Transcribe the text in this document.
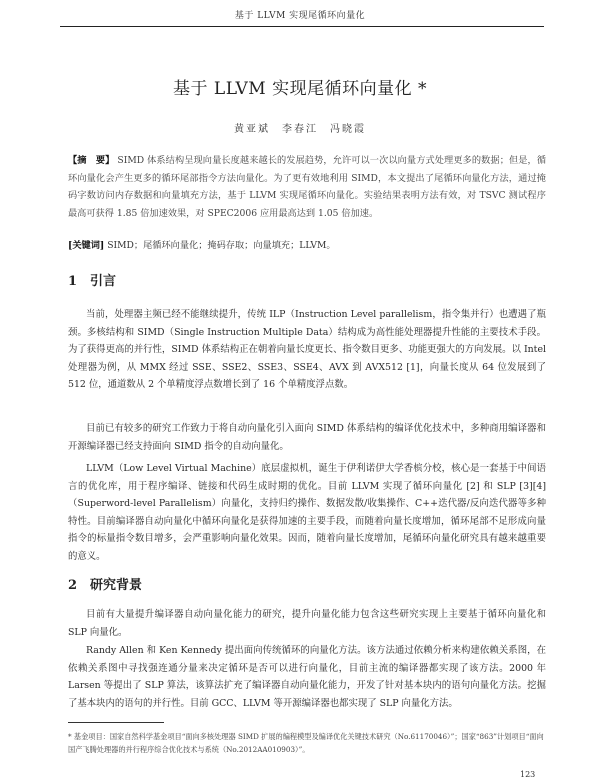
基于 LLVM 实现尾循环向量化
基于 LLVM 实现尾循环向量化 *
黄亚斌　李春江　冯晓霞

【摘　要】 SIMD 体系结构呈现向量长度越来越长的发展趋势，允许可以一次以向量方式处理更多的数据；但是，循环向量化会产生更多的循环尾部指令方法向量化。为了更有效地利用 SIMD，本文提出了尾循环向量化方法，通过掩码字数访问内存数据和向量填充方法，基于 LLVM 实现尾循环向量化。实验结果表明方法有效，对 TSVC 测试程序最高可获得 1.85 倍加速效果，对 SPEC2006 应用最高达到 1.05 倍加速。

[关键词] SIMD；尾循环向量化；掩码存取；向量填充；LLVM。

1 引言

当前，处理器主频已经不能继续提升，传统 ILP（Instruction Level parallelism，指令集并行）也遭遇了瓶颈。多核结构和 SIMD（Single Instruction Multiple Data）结构成为高性能处理器提升性能的主要技术手段。为了获得更高的并行性，SIMD 体系结构正在朝着向量长度更长、指令数目更多、功能更强大的方向发展。以 Intel 处理器为例，从 MMX 经过 SSE、SSE2、SSE3、SSE4、AVX 到 AVX512 [1]，向量长度从 64 位发展到了 512 位，通道数从 2 个单精度浮点数增长到了 16 个单精度浮点数。

目前已有较多的研究工作致力于将自动向量化引入面向 SIMD 体系结构的编译优化技术中，多种商用编译器和开源编译器已经支持面向 SIMD 指令的自动向量化。

LLVM（Low Level Virtual Machine）底层虚拟机，诞生于伊利诺伊大学香槟分校，核心是一套基于中间语言的优化库，用于程序编译、链接和代码生成时期的优化。目前 LLVM 实现了循环向量化 [2] 和 SLP [3][4]（Superword-level Parallelism）向量化，支持归约操作、数据发散/收集操作、C++迭代器/反向迭代器等多种特性。目前编译器自动向量化中循环向量化是获得加速的主要手段，而随着向量长度增加，循环尾部不足形成向量指令的标量指令数目增多，会严重影响向量化效果。因而，随着向量长度增加，尾循环向量化研究具有越来越重要的意义。

2 研究背景

目前有大量提升编译器自动向量化能力的研究，提升向量化能力包含这些研究实现上主要基于循环向量化和 SLP 向量化。

Randy Allen 和 Ken Kennedy 提出面向传统循环的向量化方法。该方法通过依赖分析来构建依赖关系图，在依赖关系图中寻找强连通分量来决定循环是否可以进行向量化，目前主流的编译器都实现了该方法。2000 年 Larsen 等提出了 SLP 算法，该算法扩充了编译器自动向量化能力，开发了针对基本块内的语句向量化方法。挖掘了基本块内的语句的并行性。目前 GCC、LLVM 等开源编译器也都实现了 SLP 向量化方法。

* 基金项目：国家自然科学基金项目“面向多核处理器 SIMD 扩展的编程模型及编译优化关键技术研究（No.61170046）”；国家“863”计划项目“面向国产飞腾处理器的并行程序综合优化技术与系统（No.2012AA010903）”。

123
